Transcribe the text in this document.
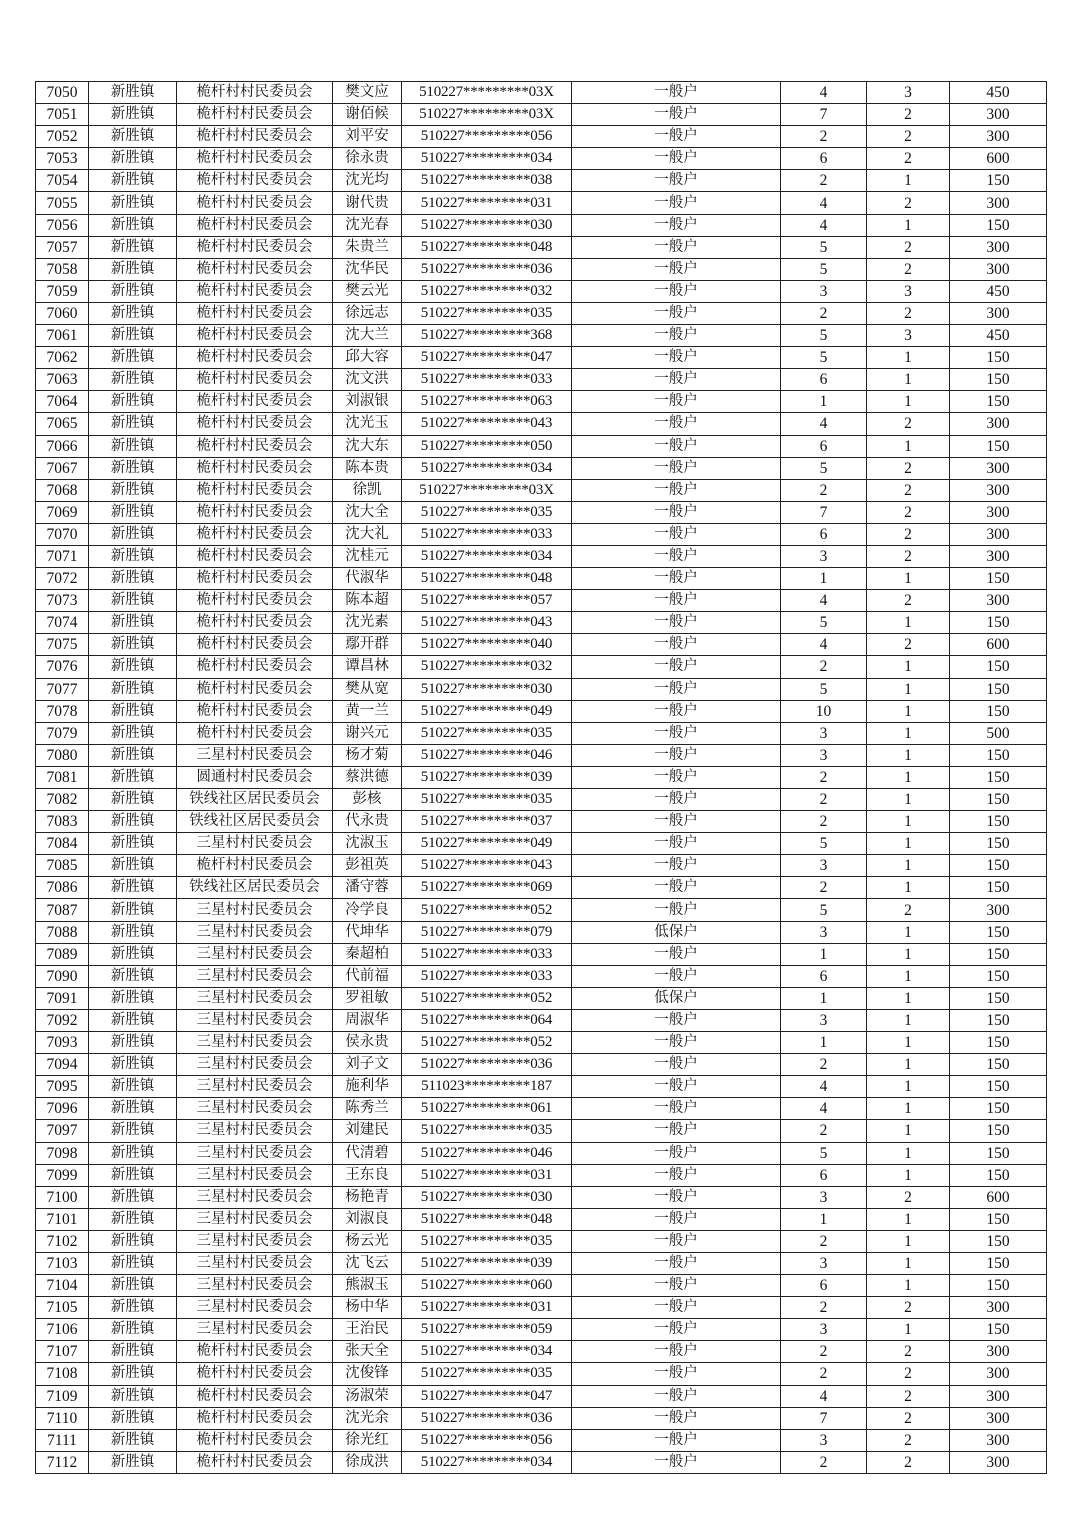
7050	新胜镇	桅杆村村民委员会	樊文应	510227*********03X	一般户	4	3	450
7051	新胜镇	桅杆村村民委员会	谢佰候	510227*********03X	一般户	7	2	300
7052	新胜镇	桅杆村村民委员会	刘平安	510227*********056	一般户	2	2	300
7053	新胜镇	桅杆村村民委员会	徐永贵	510227*********034	一般户	6	2	600
7054	新胜镇	桅杆村村民委员会	沈光均	510227*********038	一般户	2	1	150
7055	新胜镇	桅杆村村民委员会	谢代贵	510227*********031	一般户	4	2	300
7056	新胜镇	桅杆村村民委员会	沈光春	510227*********030	一般户	4	1	150
7057	新胜镇	桅杆村村民委员会	朱贵兰	510227*********048	一般户	5	2	300
7058	新胜镇	桅杆村村民委员会	沈华民	510227*********036	一般户	5	2	300
7059	新胜镇	桅杆村村民委员会	樊云光	510227*********032	一般户	3	3	450
7060	新胜镇	桅杆村村民委员会	徐远志	510227*********035	一般户	2	2	300
7061	新胜镇	桅杆村村民委员会	沈大兰	510227*********368	一般户	5	3	450
7062	新胜镇	桅杆村村民委员会	邱大容	510227*********047	一般户	5	1	150
7063	新胜镇	桅杆村村民委员会	沈文洪	510227*********033	一般户	6	1	150
7064	新胜镇	桅杆村村民委员会	刘淑银	510227*********063	一般户	1	1	150
7065	新胜镇	桅杆村村民委员会	沈光玉	510227*********043	一般户	4	2	300
7066	新胜镇	桅杆村村民委员会	沈大东	510227*********050	一般户	6	1	150
7067	新胜镇	桅杆村村民委员会	陈本贵	510227*********034	一般户	5	2	300
7068	新胜镇	桅杆村村民委员会	徐凯	510227*********03X	一般户	2	2	300
7069	新胜镇	桅杆村村民委员会	沈大全	510227*********035	一般户	7	2	300
7070	新胜镇	桅杆村村民委员会	沈大礼	510227*********033	一般户	6	2	300
7071	新胜镇	桅杆村村民委员会	沈桂元	510227*********034	一般户	3	2	300
7072	新胜镇	桅杆村村民委员会	代淑华	510227*********048	一般户	1	1	150
7073	新胜镇	桅杆村村民委员会	陈本超	510227*********057	一般户	4	2	300
7074	新胜镇	桅杆村村民委员会	沈光素	510227*********043	一般户	5	1	150
7075	新胜镇	桅杆村村民委员会	鄢开群	510227*********040	一般户	4	2	600
7076	新胜镇	桅杆村村民委员会	谭昌林	510227*********032	一般户	2	1	150
7077	新胜镇	桅杆村村民委员会	樊从宽	510227*********030	一般户	5	1	150
7078	新胜镇	桅杆村村民委员会	黄一兰	510227*********049	一般户	10	1	150
7079	新胜镇	桅杆村村民委员会	谢兴元	510227*********035	一般户	3	1	500
7080	新胜镇	三星村村民委员会	杨才菊	510227*********046	一般户	3	1	150
7081	新胜镇	圆通村村民委员会	蔡洪德	510227*********039	一般户	2	1	150
7082	新胜镇	铁线社区居民委员会	彭核	510227*********035	一般户	2	1	150
7083	新胜镇	铁线社区居民委员会	代永贵	510227*********037	一般户	2	1	150
7084	新胜镇	三星村村民委员会	沈淑玉	510227*********049	一般户	5	1	150
7085	新胜镇	桅杆村村民委员会	彭祖英	510227*********043	一般户	3	1	150
7086	新胜镇	铁线社区居民委员会	潘守蓉	510227*********069	一般户	2	1	150
7087	新胜镇	三星村村民委员会	冷学良	510227*********052	一般户	5	2	300
7088	新胜镇	三星村村民委员会	代坤华	510227*********079	低保户	3	1	150
7089	新胜镇	三星村村民委员会	秦超柏	510227*********033	一般户	1	1	150
7090	新胜镇	三星村村民委员会	代前福	510227*********033	一般户	6	1	150
7091	新胜镇	三星村村民委员会	罗祖敏	510227*********052	低保户	1	1	150
7092	新胜镇	三星村村民委员会	周淑华	510227*********064	一般户	3	1	150
7093	新胜镇	三星村村民委员会	侯永贵	510227*********052	一般户	1	1	150
7094	新胜镇	三星村村民委员会	刘子文	510227*********036	一般户	2	1	150
7095	新胜镇	三星村村民委员会	施利华	511023*********187	一般户	4	1	150
7096	新胜镇	三星村村民委员会	陈秀兰	510227*********061	一般户	4	1	150
7097	新胜镇	三星村村民委员会	刘建民	510227*********035	一般户	2	1	150
7098	新胜镇	三星村村民委员会	代清碧	510227*********046	一般户	5	1	150
7099	新胜镇	三星村村民委员会	王东良	510227*********031	一般户	6	1	150
7100	新胜镇	三星村村民委员会	杨艳青	510227*********030	一般户	3	2	600
7101	新胜镇	三星村村民委员会	刘淑良	510227*********048	一般户	1	1	150
7102	新胜镇	三星村村民委员会	杨云光	510227*********035	一般户	2	1	150
7103	新胜镇	三星村村民委员会	沈飞云	510227*********039	一般户	3	1	150
7104	新胜镇	三星村村民委员会	熊淑玉	510227*********060	一般户	6	1	150
7105	新胜镇	三星村村民委员会	杨中华	510227*********031	一般户	2	2	300
7106	新胜镇	三星村村民委员会	王治民	510227*********059	一般户	3	1	150
7107	新胜镇	桅杆村村民委员会	张天全	510227*********034	一般户	2	2	300
7108	新胜镇	桅杆村村民委员会	沈俊锋	510227*********035	一般户	2	2	300
7109	新胜镇	桅杆村村民委员会	汤淑荣	510227*********047	一般户	4	2	300
7110	新胜镇	桅杆村村民委员会	沈光余	510227*********036	一般户	7	2	300
7111	新胜镇	桅杆村村民委员会	徐光红	510227*********056	一般户	3	2	300
7112	新胜镇	桅杆村村民委员会	徐成洪	510227*********034	一般户	2	2	300
